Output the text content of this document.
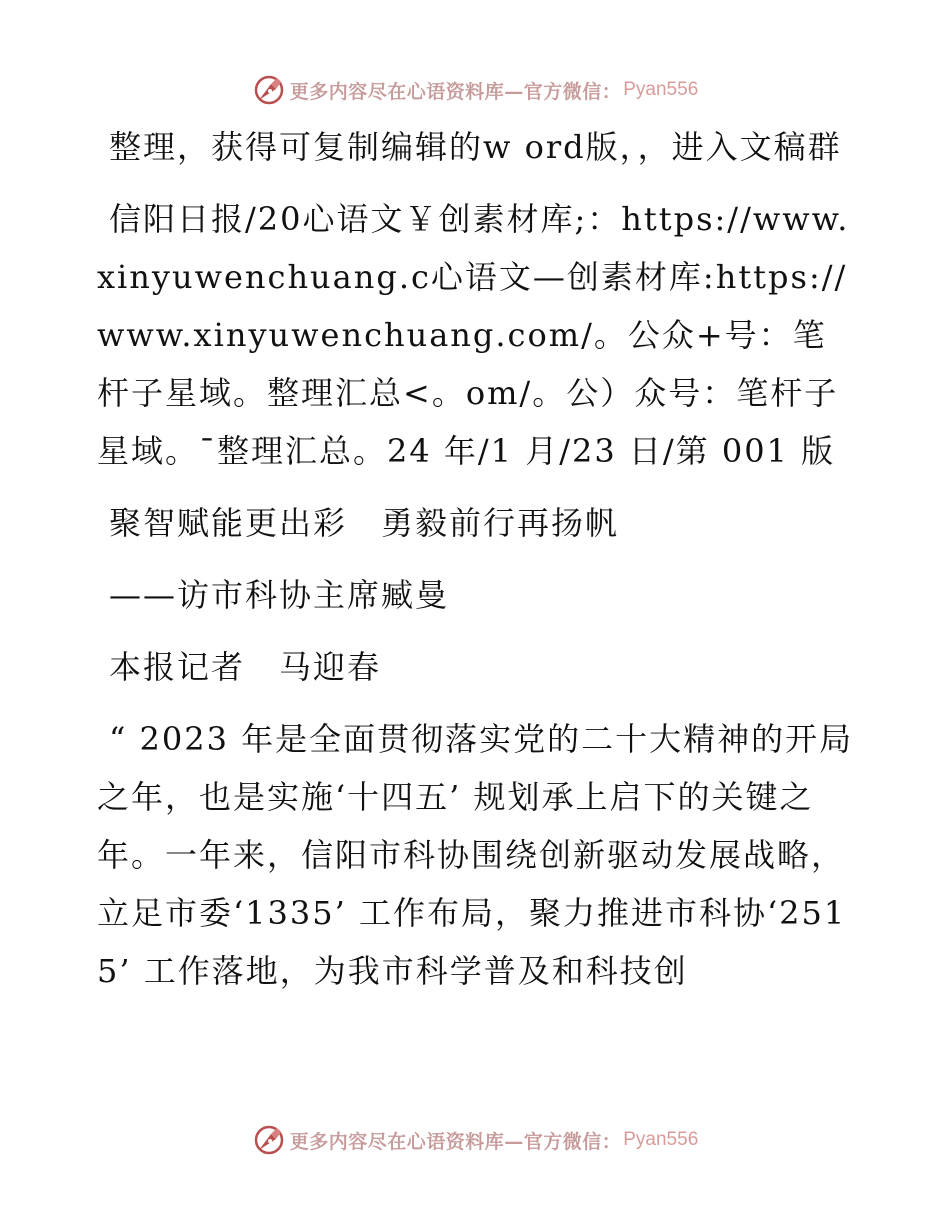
更多内容尽在心语资料库—官方微信： Pyan556

整理，获得可复制编辑的w ord版，，进入文稿群

信阳日报/20心语文￥创素材库;：https://www.xinyuwenchuang.c心语文—创素材库:https://www.xinyuwenchuang.com/。公众+号：笔杆子星域。整理汇总<。om/。公）众号：笔杆子星域。¯整理汇总。24 年/1 月/23 日/第 001 版

聚智赋能更出彩　勇毅前行再扬帆

——访市科协主席臧曼

本报记者　马迎春

“ 2023 年是全面贯彻落实党的二十大精神的开局之年，也是实施‘十四五’ 规划承上启下的关键之年。一年来，信阳市科协围绕创新驱动发展战略，立足市委‘1335’ 工作布局，聚力推进市科协‘2515’ 工作落地，为我市科学普及和科技创

更多内容尽在心语资料库—官方微信： Pyan556
